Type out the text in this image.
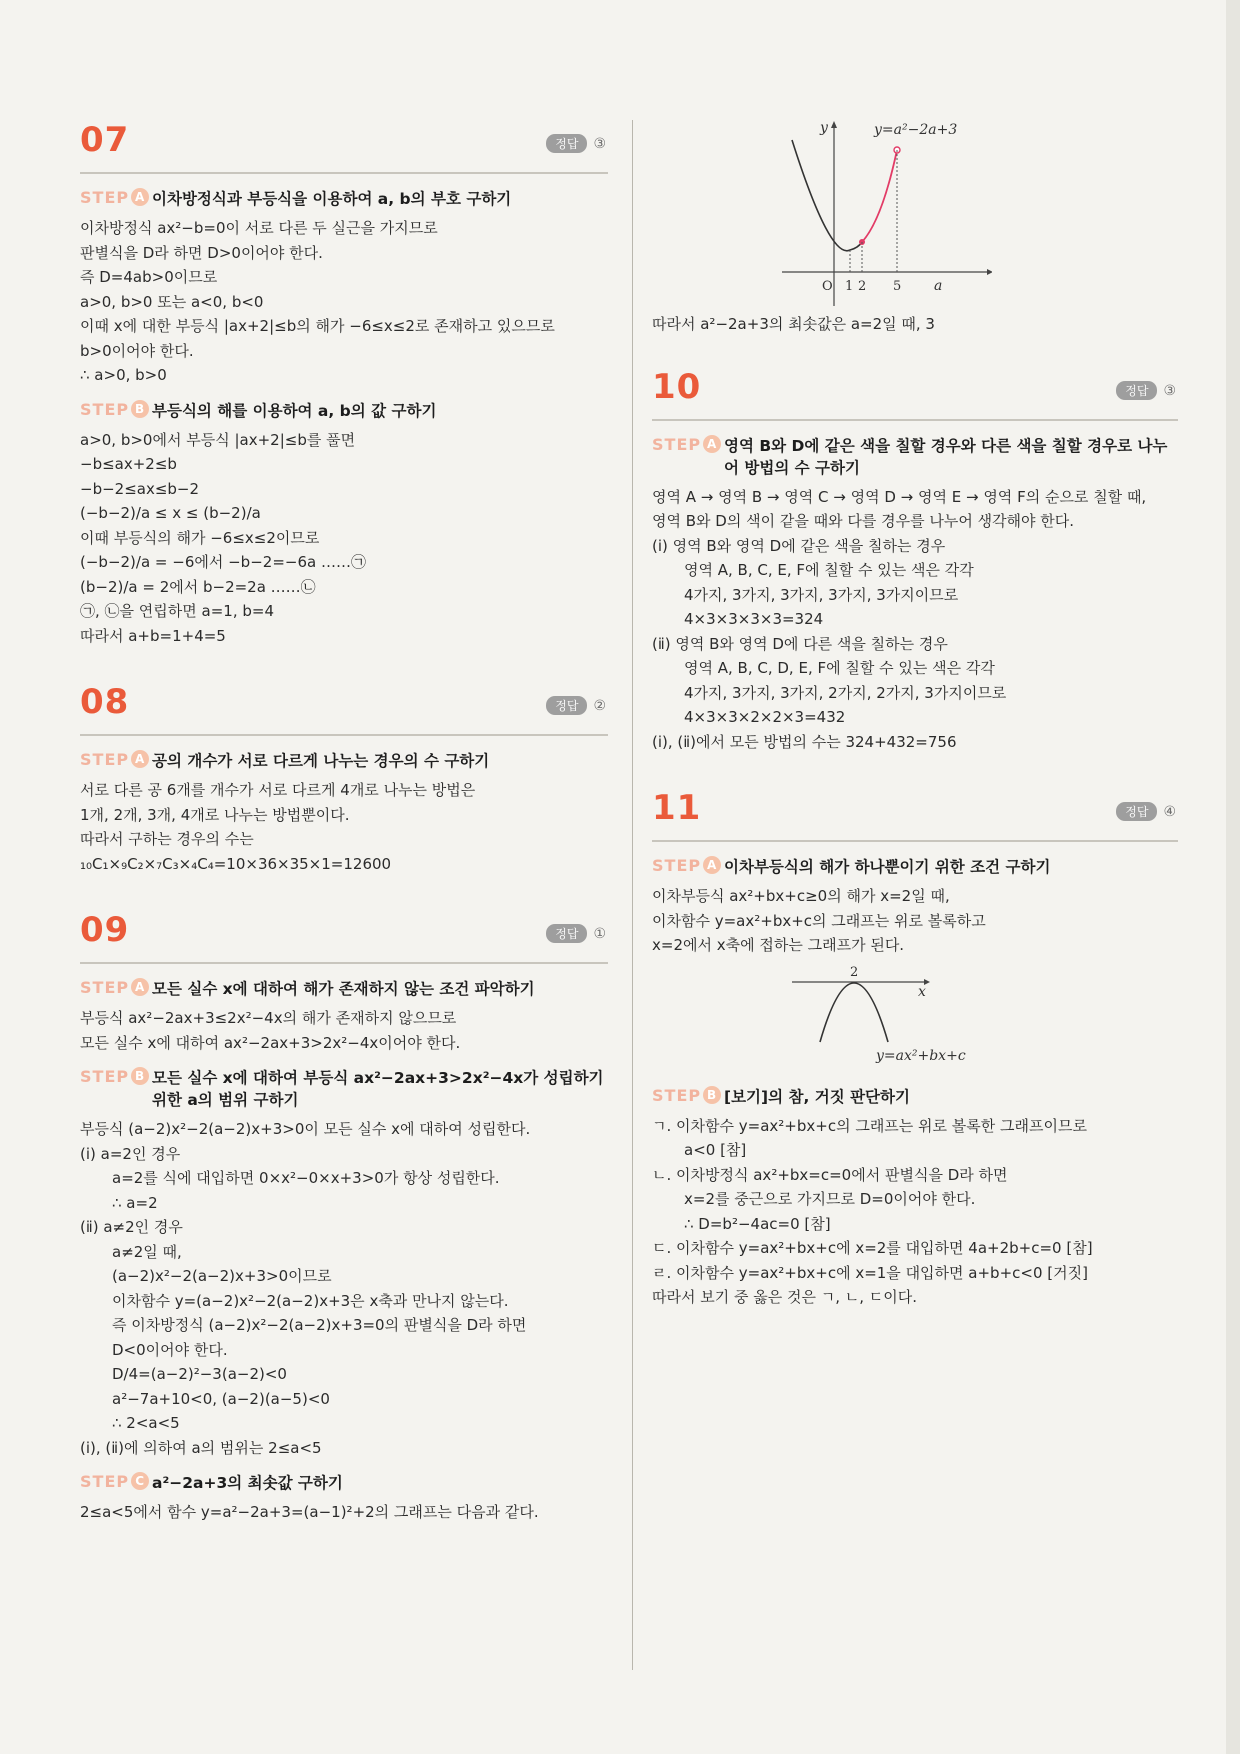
07	정답 ③
STEP A 이차방정식과 부등식을 이용하여 a, b의 부호 구하기
이차방정식 ax²−b=0이 서로 다른 두 실근을 가지므로
판별식을 D라 하면 D>0이어야 한다.
즉 D=4ab>0이므로
a>0, b>0 또는 a<0, b<0
이때 x에 대한 부등식 |ax+2|≤b의 해가 −6≤x≤2로 존재하고 있으므로
b>0이어야 한다.
∴ a>0, b>0
STEP B 부등식의 해를 이용하여 a, b의 값 구하기
a>0, b>0에서 부등식 |ax+2|≤b를 풀면
−b≤ax+2≤b
−b−2≤ax≤b−2
(−b−2)/a ≤ x ≤ (b−2)/a
이때 부등식의 해가 −6≤x≤2이므로
(−b−2)/a = −6에서 −b−2=−6a ……㉠
(b−2)/a = 2에서 b−2=2a ……㉡
㉠, ㉡을 연립하면 a=1, b=4
따라서 a+b=1+4=5
08	정답 ②
STEP A 공의 개수가 서로 다르게 나누는 경우의 수 구하기
서로 다른 공 6개를 개수가 서로 다르게 4개로 나누는 방법은
1개, 2개, 3개, 4개로 나누는 방법뿐이다.
따라서 구하는 경우의 수는
₁₀C₁×₉C₂×₇C₃×₄C₄=10×36×35×1=12600
09	정답 ①
STEP A 모든 실수 x에 대하여 해가 존재하지 않는 조건 파악하기
부등식 ax²−2ax+3≤2x²−4x의 해가 존재하지 않으므로
모든 실수 x에 대하여 ax²−2ax+3>2x²−4x이어야 한다.
STEP B 모든 실수 x에 대하여 부등식 ax²−2ax+3>2x²−4x가 성립하기 위한 a의 범위 구하기
부등식 (a−2)x²−2(a−2)x+3>0이 모든 실수 x에 대하여 성립한다.
(ⅰ) a=2인 경우
a=2를 식에 대입하면 0×x²−0×x+3>0가 항상 성립한다.
∴ a=2
(ⅱ) a≠2인 경우
a≠2일 때,
(a−2)x²−2(a−2)x+3>0이므로
이차함수 y=(a−2)x²−2(a−2)x+3은 x축과 만나지 않는다.
즉 이차방정식 (a−2)x²−2(a−2)x+3=0의 판별식을 D라 하면
D<0이어야 한다.
D/4=(a−2)²−3(a−2)<0
a²−7a+10<0, (a−2)(a−5)<0
∴ 2<a<5
(ⅰ), (ⅱ)에 의하여 a의 범위는 2≤a<5
STEP C a²−2a+3의 최솟값 구하기
2≤a<5에서 함수 y=a²−2a+3=(a−1)²+2의 그래프는 다음과 같다.
y	y=a²−2a+3
O 1 2 5 a
따라서 a²−2a+3의 최솟값은 a=2일 때, 3
10	정답 ③
STEP A 영역 B와 D에 같은 색을 칠할 경우와 다른 색을 칠할 경우로 나누어 방법의 수 구하기
영역 A → 영역 B → 영역 C → 영역 D → 영역 E → 영역 F의 순으로 칠할 때,
영역 B와 D의 색이 같을 때와 다를 경우를 나누어 생각해야 한다.
(ⅰ) 영역 B와 영역 D에 같은 색을 칠하는 경우
영역 A, B, C, E, F에 칠할 수 있는 색은 각각
4가지, 3가지, 3가지, 3가지, 3가지이므로
4×3×3×3×3=324
(ⅱ) 영역 B와 영역 D에 다른 색을 칠하는 경우
영역 A, B, C, D, E, F에 칠할 수 있는 색은 각각
4가지, 3가지, 3가지, 2가지, 2가지, 3가지이므로
4×3×3×2×2×3=432
(ⅰ), (ⅱ)에서 모든 방법의 수는 324+432=756
11	정답 ④
STEP A 이차부등식의 해가 하나뿐이기 위한 조건 구하기
이차부등식 ax²+bx+c≥0의 해가 x=2일 때,
이차함수 y=ax²+bx+c의 그래프는 위로 볼록하고
x=2에서 x축에 접하는 그래프가 된다.
2
x
y=ax²+bx+c
STEP B [보기]의 참, 거짓 판단하기
ㄱ. 이차함수 y=ax²+bx+c의 그래프는 위로 볼록한 그래프이므로
a<0 [참]
ㄴ. 이차방정식 ax²+bx=c=0에서 판별식을 D라 하면
x=2를 중근으로 가지므로 D=0이어야 한다.
∴ D=b²−4ac=0 [참]
ㄷ. 이차함수 y=ax²+bx+c에 x=2를 대입하면 4a+2b+c=0 [참]
ㄹ. 이차함수 y=ax²+bx+c에 x=1을 대입하면 a+b+c<0 [거짓]
따라서 보기 중 옳은 것은 ㄱ, ㄴ, ㄷ이다.
